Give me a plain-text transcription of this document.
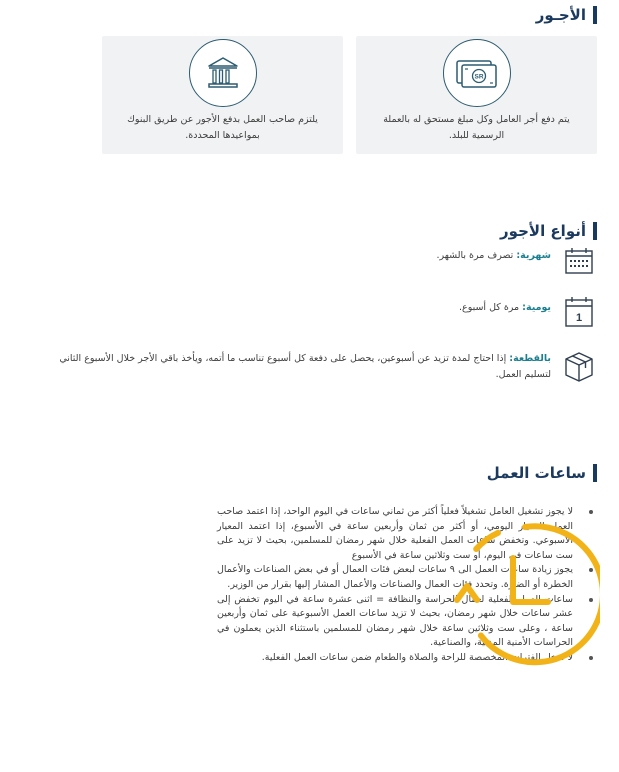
الأجـور
SR
يتم دفع أجر العامل وكل مبلغ مستحق له بالعملة الرسمية للبلد.
يلتزم صاحب العمل بدفع الأجور عن طريق البنوك بمواعيدها المحددة.
أنواع الأجور
شهرية: تصرف مرة بالشهر.
1
يومية: مرة كل أسبوع.
بالقطعة: إذا احتاج لمدة تزيد عن أسبوعين، يحصل على دفعة كل أسبوع تناسب ما أتمه، ويأخذ باقي الأجر خلال الأسبوع الثاني لتسليم العمل.
ساعات العمل
لا يجوز تشغيل العامل تشغيلاً فعلياً أكثر من ثماني ساعات في اليوم الواحد، إذا اعتمد صاحب العمل المعيار اليومي، أو أكثر من ثمان وأربعين ساعة في الأسبوع، إذا اعتمد المعيار الأسبوعي. وتخفض ساعات العمل الفعلية خلال شهر رمضان للمسلمين، بحيث لا تزيد على ست ساعات في اليوم، أو ست وثلاثين ساعة في الأسبوع
يجوز زيادة ساعات العمل الى ٩ ساعات لبعض فئات العمال أو في بعض الصناعات والأعمال الخطرة أو الضارة. وتحدد فئات العمال والصناعات والأعمال المشار إليها بقرار من الوزير.
ساعات العمل الفعلية لعمال الحراسة والنظافة = اثنى عشرة ساعة في اليوم تخفض إلى عشر ساعات خلال شهر رمضان، بحيث لا تزيد ساعات العمل الأسبوعية على ثمان وأربعين ساعة ، وعلى ست وثلاثين ساعة خلال شهر رمضان للمسلمين باستثناء الذين يعملون في الحراسات الأمنية المدنية، والصناعية.
لا تدخل الفترات المخصصة للراحة والصلاة والطعام ضمن ساعات العمل الفعلية.
